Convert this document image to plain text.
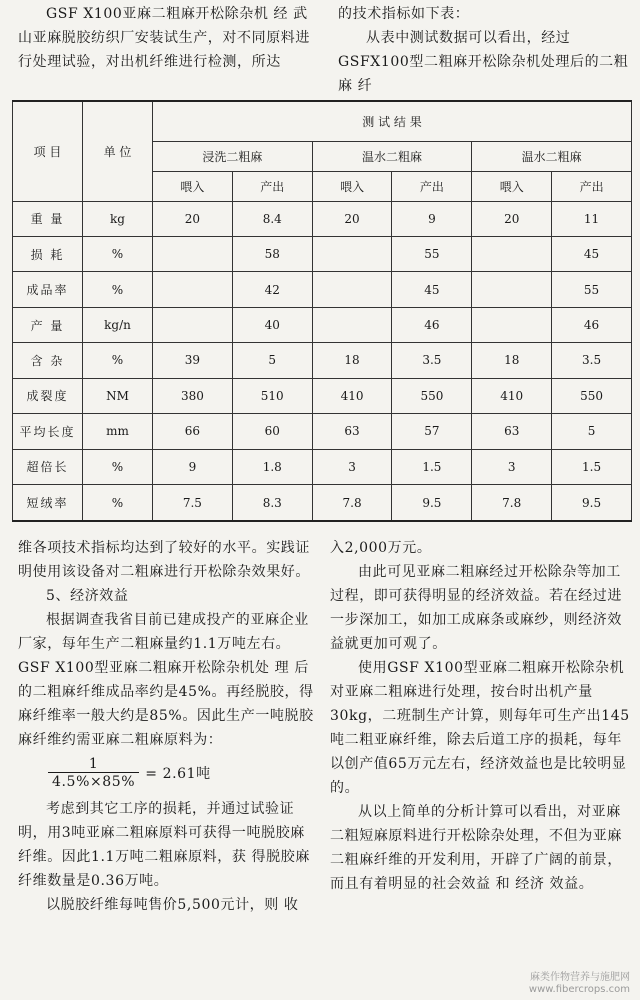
GSF X100亚麻二粗麻开松除杂机 经 武山亚麻脱胶纺织厂安装试生产，对不同原料进行处理试验，对出机纤维进行检测，所达

的技术指标如下表：

从表中测试数据可以看出，经过GSFX100型二粗麻开松除杂机处理后的二粗 麻 纤

项 目	单 位	测 试 结 果					
		浸洗二粗麻		温水二粗麻		温水二粗麻	
		喂入	产出	喂入	产出	喂入	产出
重 量	kg	20	8.4	20	9	20	11
损 耗	%		58		55		45
成品率	%		42		45		55
产 量	kg/n		40		46		46
含 杂	%	39	5	18	3.5	18	3.5
成裂度	NM	380	510	410	550	410	550
平均长度	mm	66	60	63	57	63	5
超倍长	%	9	1.8	3	1.5	3	1.5
短绒率	%	7.5	8.3	7.8	9.5	7.8	9.5

维各项技术指标均达到了较好的水平。实践证明使用该设备对二粗麻进行开松除杂效果好。

5、经济效益

根据调查我省目前已建成投产的亚麻企业厂家，每年生产二粗麻量约1.1万吨左右。GSF X100型亚麻二粗麻开松除杂机处 理 后的二粗麻纤维成品率约是45%。再经脱胶，得麻纤维率一般大约是85%。因此生产一吨脱胶麻纤维约需亚麻二粗麻原料为：

$\frac{1}{4.5\%\times 85\%} = 2.61$吨

考虑到其它工序的损耗，并通过试验证明，用3吨亚麻二粗麻原料可获得一吨脱胶麻纤维。因此1.1万吨二粗麻原料，获 得脱胶麻纤维数量是0.36万吨。

以脱胶纤维每吨售价5,500元计，则 收

入2,000万元。

由此可见亚麻二粗麻经过开松除杂等加工过程，即可获得明显的经济效益。若在经过进一步深加工，如加工成麻条或麻纱，则经济效益就更加可观了。

使用GSF X100型亚麻二粗麻开松除杂机对亚麻二粗麻进行处理，按台时出机产量30kg，二班制生产计算，则每年可生产出145吨二粗亚麻纤维，除去后道工序的损耗，每年以创产值65万元左右，经济效益也是比较明显的。

从以上简单的分析计算可以看出，对亚麻二粗短麻原料进行开松除杂处理，不但为亚麻二粗麻纤维的开发利用，开辟了广阔的前景，而且有着明显的社会效益 和 经济 效益。

麻类作物营养与施肥网
www.fibercrops.com
